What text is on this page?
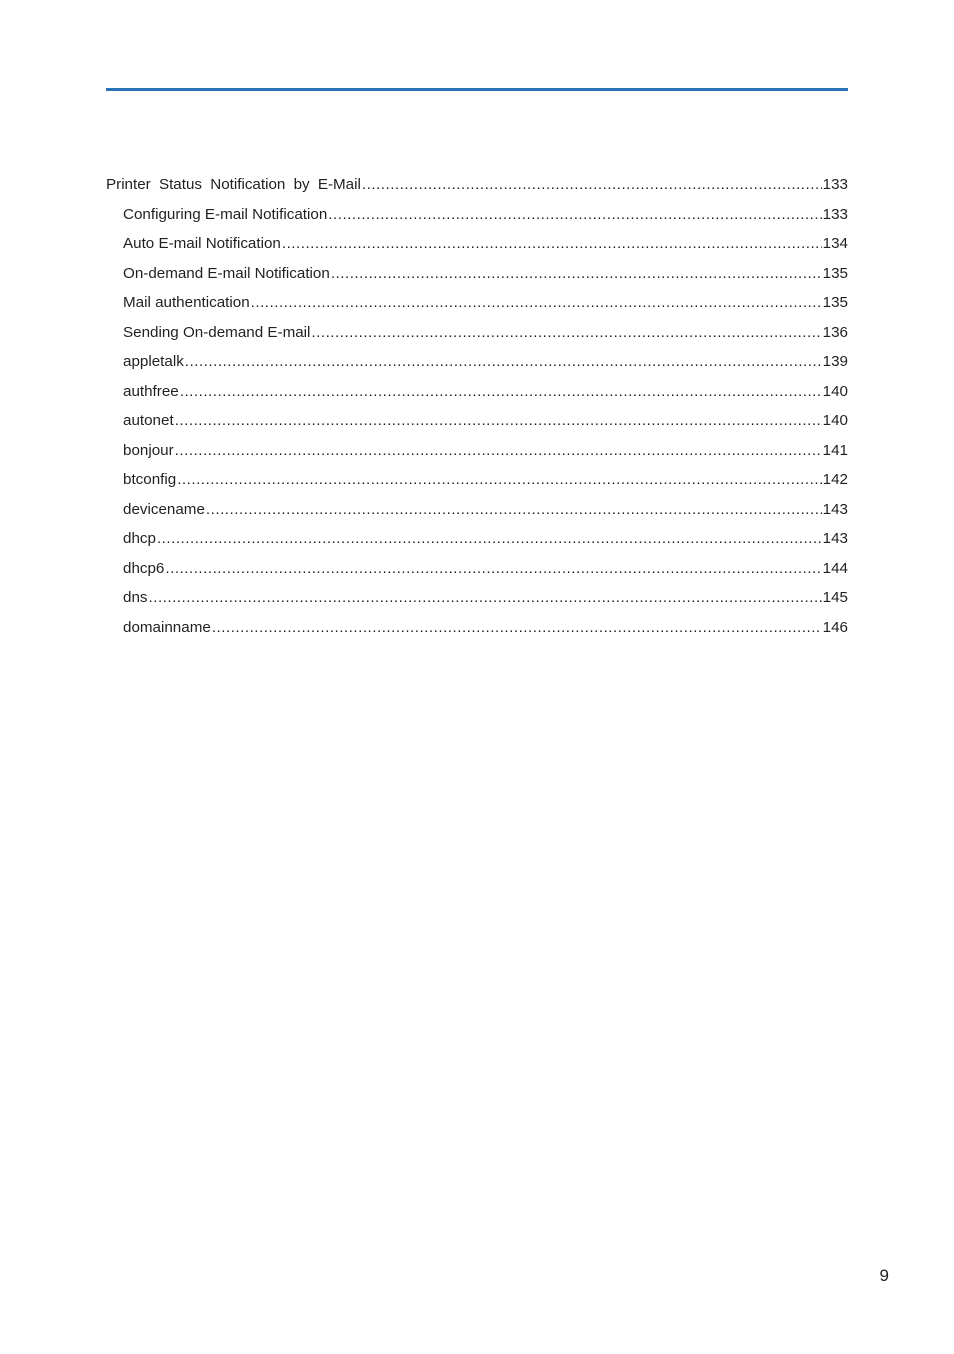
Printer Status Notification by E-Mail .....	133
Configuring E-mail Notification .....	133
Auto E-mail Notification .....	134
On-demand E-mail Notification .....	135
Mail authentication .....	135
Sending On-demand E-mail .....	136
appletalk .....	139
authfree .....	140
autonet .....	140
bonjour .....	141
btconfig .....	142
devicename .....	143
dhcp .....	143
dhcp6 .....	144
dns .....	145
domainname .....	146
9
